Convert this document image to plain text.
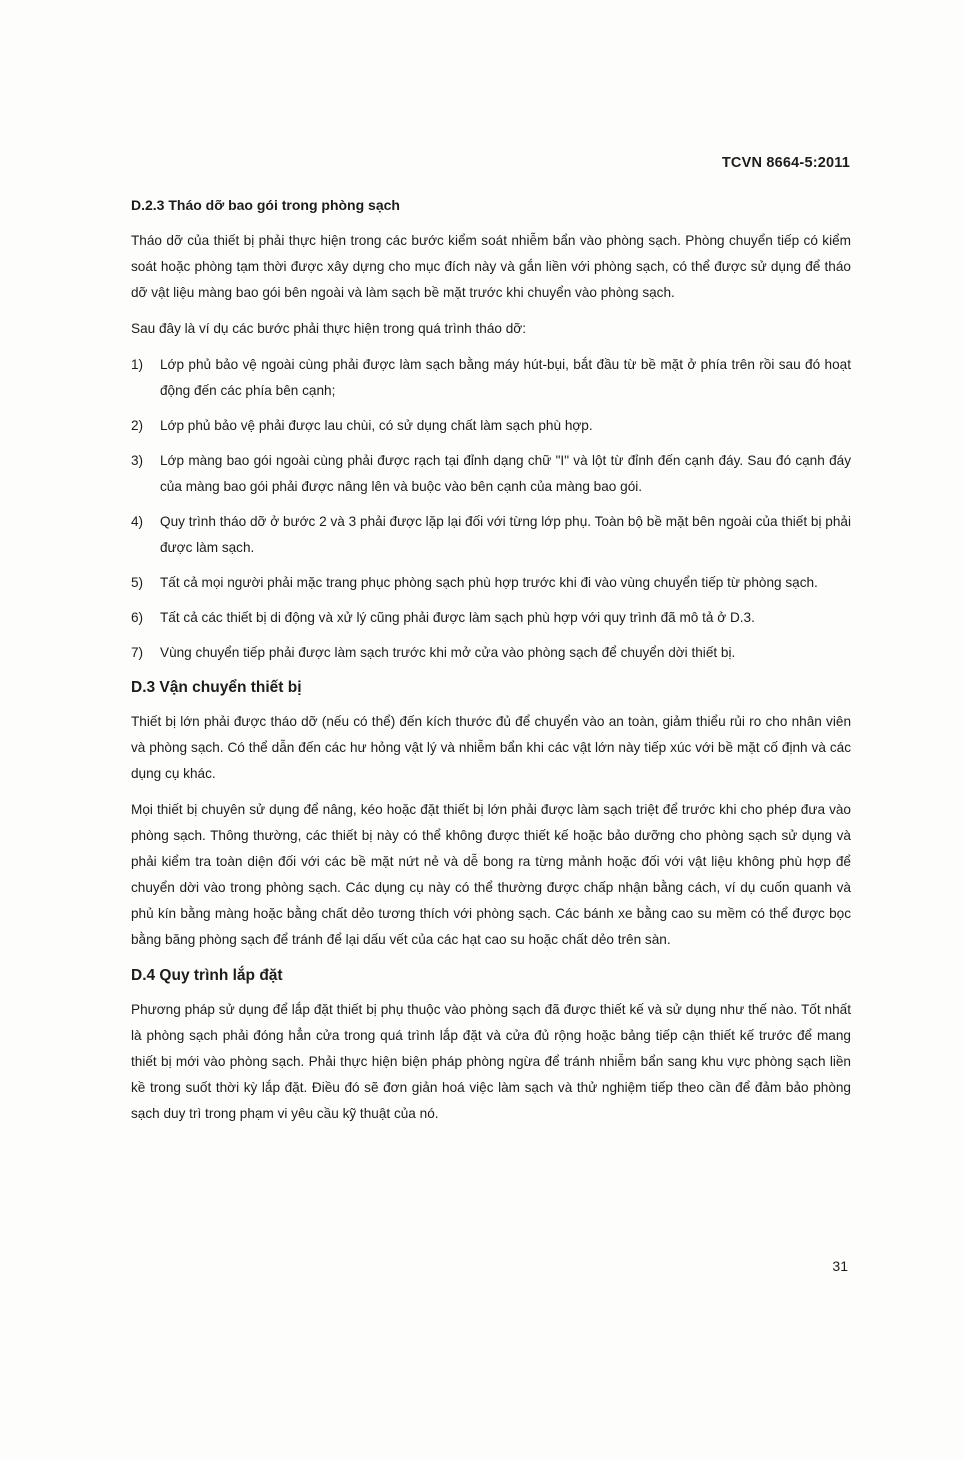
TCVN 8664-5:2011
D.2.3 Tháo dỡ bao gói trong phòng sạch

Tháo dỡ của thiết bị phải thực hiện trong các bước kiểm soát nhiễm bẩn vào phòng sạch. Phòng chuyển tiếp có kiểm soát hoặc phòng tạm thời được xây dựng cho mục đích này và gắn liền với phòng sạch, có thể được sử dụng để tháo dỡ vật liệu màng bao gói bên ngoài và làm sạch bề mặt trước khi chuyển vào phòng sạch.

Sau đây là ví dụ các bước phải thực hiện trong quá trình tháo dỡ:

1) Lớp phủ bảo vệ ngoài cùng phải được làm sạch bằng máy hút-bụi, bắt đầu từ bề mặt ở phía trên rồi sau đó hoạt động đến các phía bên cạnh;
2) Lớp phủ bảo vệ phải được lau chùi, có sử dụng chất làm sạch phù hợp.
3) Lớp màng bao gói ngoài cùng phải được rạch tại đỉnh dạng chữ "I" và lột từ đỉnh đến cạnh đáy. Sau đó cạnh đáy của màng bao gói phải được nâng lên và buộc vào bên cạnh của màng bao gói.
4) Quy trình tháo dỡ ở bước 2 và 3 phải được lặp lại đối với từng lớp phụ. Toàn bộ bề mặt bên ngoài của thiết bị phải được làm sạch.
5) Tất cả mọi người phải mặc trang phục phòng sạch phù hợp trước khi đi vào vùng chuyển tiếp từ phòng sạch.
6) Tất cả các thiết bị di động và xử lý cũng phải được làm sạch phù hợp với quy trình đã mô tả ở D.3.
7) Vùng chuyển tiếp phải được làm sạch trước khi mở cửa vào phòng sạch để chuyển dời thiết bị.
D.3 Vận chuyển thiết bị

Thiết bị lớn phải được tháo dỡ (nếu có thể) đến kích thước đủ để chuyển vào an toàn, giảm thiểu rủi ro cho nhân viên và phòng sạch. Có thể dẫn đến các hư hỏng vật lý và nhiễm bẩn khi các vật lớn này tiếp xúc với bề mặt cố định và các dụng cụ khác.

Mọi thiết bị chuyên sử dụng để nâng, kéo hoặc đặt thiết bị lớn phải được làm sạch triệt để trước khi cho phép đưa vào phòng sạch. Thông thường, các thiết bị này có thể không được thiết kế hoặc bảo dưỡng cho phòng sạch sử dụng và phải kiểm tra toàn diện đối với các bề mặt nứt nẻ và dễ bong ra từng mảnh hoặc đối với vật liệu không phù hợp để chuyển dời vào trong phòng sạch. Các dụng cụ này có thể thường được chấp nhận bằng cách, ví dụ cuốn quanh và phủ kín bằng màng hoặc bằng chất dẻo tương thích với phòng sạch. Các bánh xe bằng cao su mềm có thể được bọc bằng băng phòng sạch để tránh để lại dấu vết của các hạt cao su hoặc chất dẻo trên sàn.

D.4 Quy trình lắp đặt

Phương pháp sử dụng để lắp đặt thiết bị phụ thuộc vào phòng sạch đã được thiết kế và sử dụng như thế nào. Tốt nhất là phòng sạch phải đóng hẳn cửa trong quá trình lắp đặt và cửa đủ rộng hoặc bảng tiếp cận thiết kế trước để mang thiết bị mới vào phòng sạch. Phải thực hiện biện pháp phòng ngừa để tránh nhiễm bẩn sang khu vực phòng sạch liền kề trong suốt thời kỳ lắp đặt. Điều đó sẽ đơn giản hoá việc làm sạch và thử nghiệm tiếp theo cần để đảm bảo phòng sạch duy trì trong phạm vi yêu cầu kỹ thuật của nó.

31
